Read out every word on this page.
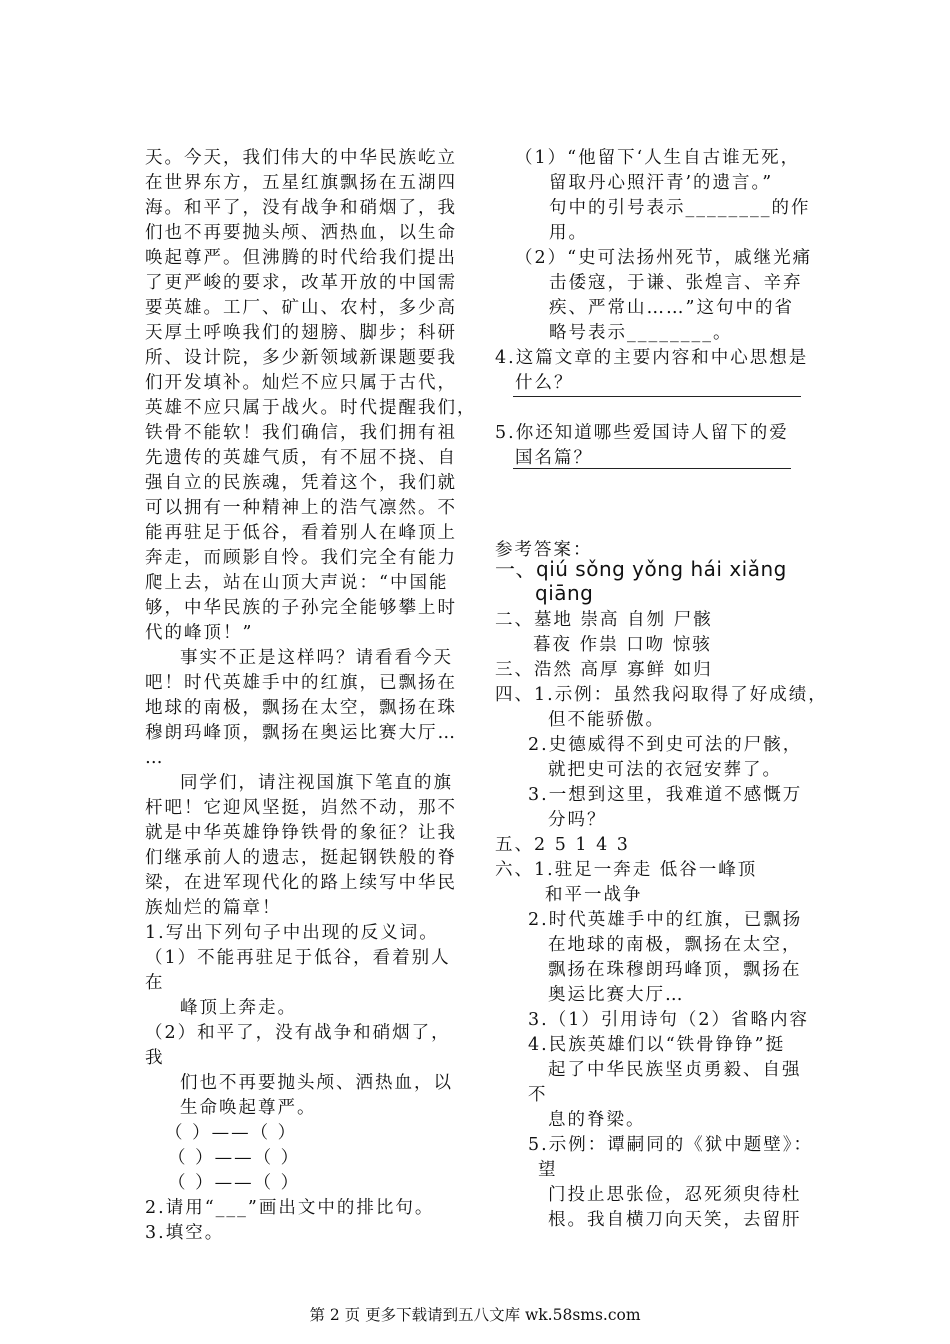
天。今天，我们伟大的中华民族屹立
在世界东方，五星红旗飘扬在五湖四
海。和平了，没有战争和硝烟了，我
们也不再要抛头颅、洒热血，以生命
唤起尊严。但沸腾的时代给我们提出
了更严峻的要求，改革开放的中国需
要英雄。工厂、矿山、农村，多少高
天厚土呼唤我们的翅膀、脚步；科研
所、设计院，多少新领域新课题要我
们开发填补。灿烂不应只属于古代，
英雄不应只属于战火。时代提醒我们，
铁骨不能软！我们确信，我们拥有祖
先遗传的英雄气质，有不屈不挠、自
强自立的民族魂，凭着这个，我们就
可以拥有一种精神上的浩气凛然。不
能再驻足于低谷，看着别人在峰顶上
奔走，而顾影自怜。我们完全有能力
爬上去，站在山顶大声说：“中国能
够，中华民族的子孙完全能够攀上时
代的峰顶！”
事实不正是这样吗？请看看今天
吧！时代英雄手中的红旗，已飘扬在
地球的南极，飘扬在太空，飘扬在珠
穆朗玛峰顶，飘扬在奥运比赛大厅…
…
同学们，请注视国旗下笔直的旗
杆吧！它迎风坚挺，岿然不动，那不
就是中华英雄铮铮铁骨的象征？让我
们继承前人的遗志，挺起钢铁般的脊
梁，在进军现代化的路上续写中华民
族灿烂的篇章！
1.写出下列句子中出现的反义词。
（1）不能再驻足于低谷，看着别人
在
峰顶上奔走。
（2）和平了，没有战争和硝烟了，
我
们也不再要抛头颅、洒热血，以
生命唤起尊严。
（ ）——（ ）
（ ）——（ ）
（ ）——（ ）
2.请用“___”画出文中的排比句。
3.填空。
（1）“他留下‘人生自古谁无死，
留取丹心照汗青’的遗言。”
句中的引号表示________的作
用。
（2）“史可法扬州死节，戚继光痛
击倭寇，于谦、张煌言、辛弃
疾、严常山……”这句中的省
略号表示________。
4.这篇文章的主要内容和中心思想是
什么？
5.你还知道哪些爱国诗人留下的爱
国名篇？
参考答案：
二、墓地 崇高 自刎 尸骸
暮夜 作祟 口吻 惊骇
三、浩然 高厚 寡鲜 如归
四、1.示例：虽然我闷取得了好成绩，
但不能骄傲。
2.史德威得不到史可法的尸骸，
就把史可法的衣冠安葬了。
3.一想到这里，我难道不感慨万
分吗？
五、2 5 1 4 3
六、1.驻足一奔走 低谷一峰顶
和平一战争
2.时代英雄手中的红旗，已飘扬
在地球的南极，飘扬在太空，
飘扬在珠穆朗玛峰顶，飘扬在
奥运比赛大厅…
3.（1）引用诗句（2）省略内容
4.民族英雄们以“铁骨铮铮”挺
起了中华民族坚贞勇毅、自强
不
息的脊梁。
5.示例：谭嗣同的《狱中题壁》：
望
门投止思张俭，忍死须臾待杜
根。我自横刀向天笑，去留肝
一、qiú sǒng yǒng hái xiǎng
qiāng
第 2 页 更多下载请到五八文库 wk.58sms.com
